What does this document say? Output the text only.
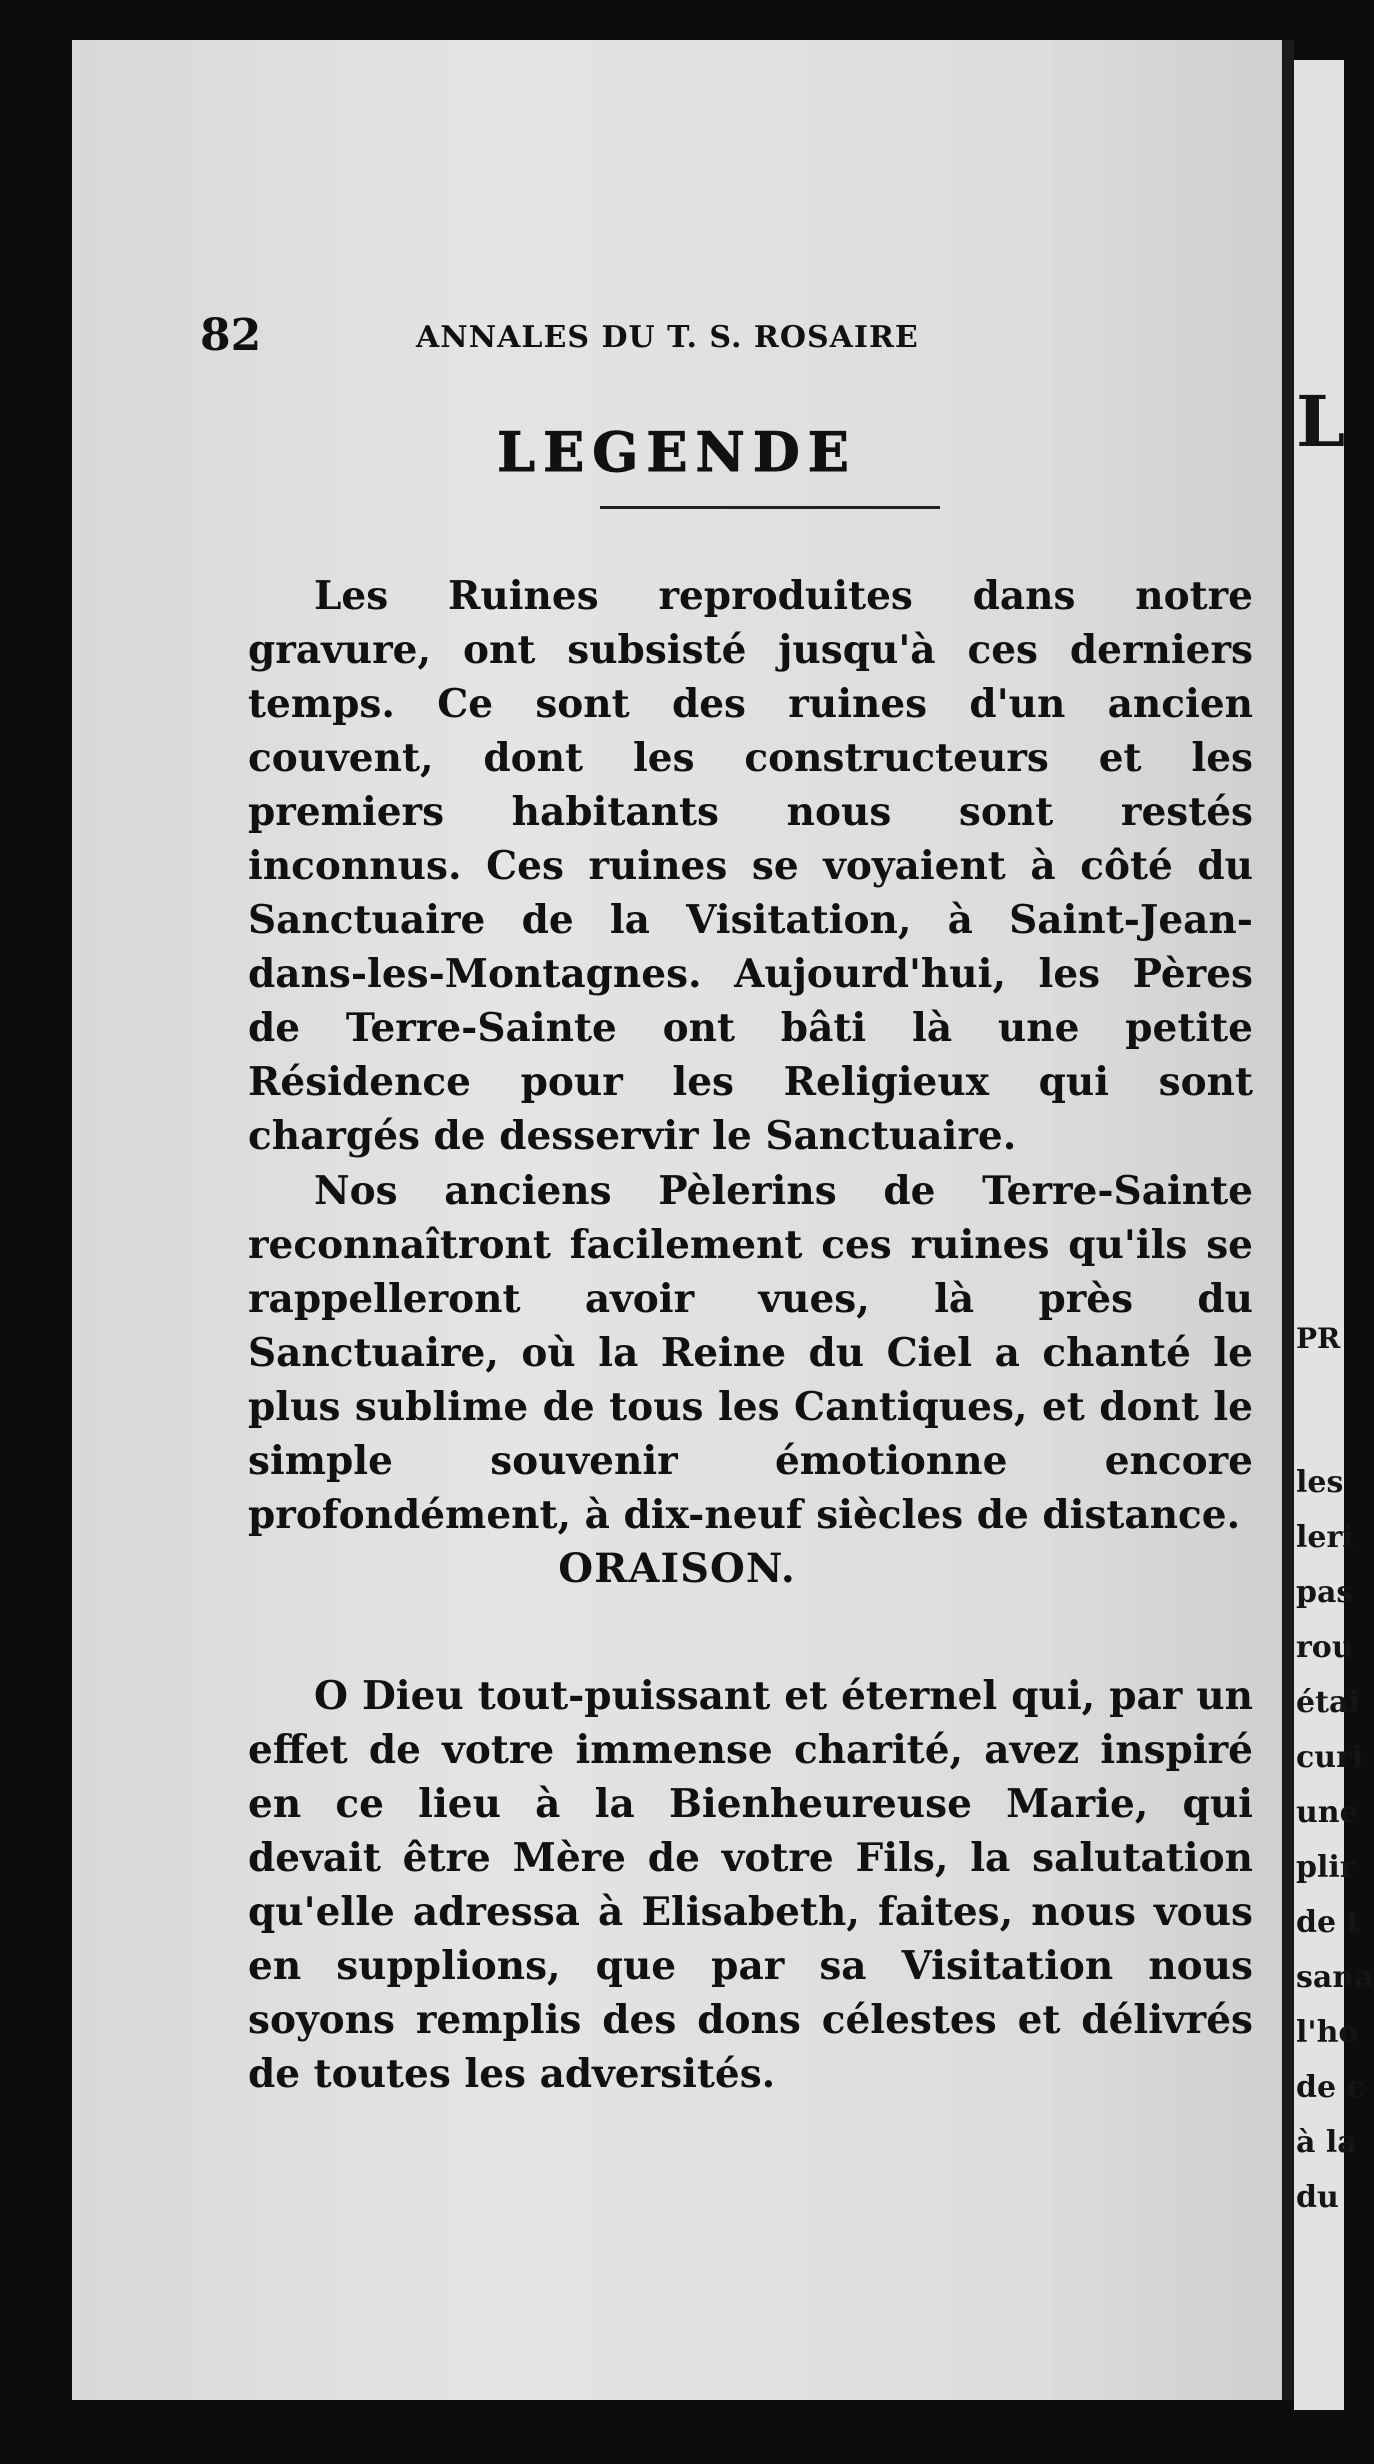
L
PR
les
leri
pas
rou
étai
curi
une
plir
de t
sana
l'ho
de c
à la
du
82	ANNALES DU T. S. ROSAIRE
LEGENDE

Les Ruines reproduites dans notre gravure, ont subsisté jusqu'à ces derniers temps. Ce sont des ruines d'un ancien couvent, dont les constructeurs et les premiers habitants nous sont restés inconnus. Ces ruines se voyaient à côté du Sanctuaire de la Visitation, à Saint-Jean-dans-les-Montagnes. Aujourd'hui, les Pères de Terre-Sainte ont bâti là une petite Résidence pour les Religieux qui sont chargés de desservir le Sanctuaire.

Nos anciens Pèlerins de Terre-Sainte reconnaîtront facilement ces ruines qu'ils se rappelleront avoir vues, là près du Sanctuaire, où la Reine du Ciel a chanté le plus sublime de tous les Cantiques, et dont le simple souvenir émotionne encore profondément, à dix-neuf siècles de distance.

ORAISON.

O Dieu tout-puissant et éternel qui, par un effet de votre immense charité, avez inspiré en ce lieu à la Bienheureuse Marie, qui devait être Mère de votre Fils, la salutation qu'elle adressa à Elisabeth, faites, nous vous en supplions, que par sa Visitation nous soyons remplis des dons célestes et délivrés de toutes les adversités.
